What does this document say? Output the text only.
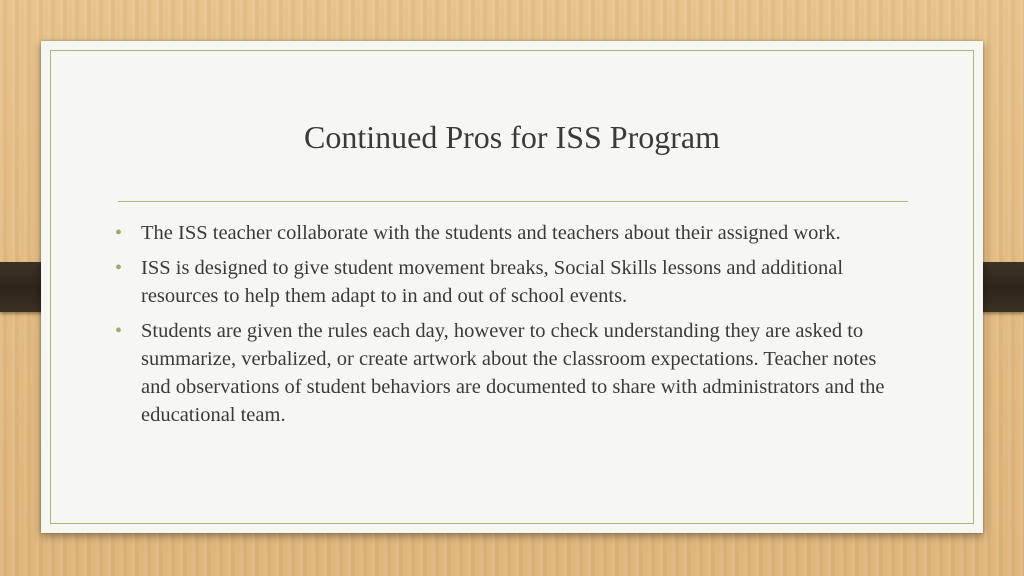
Continued Pros for ISS Program
• The ISS teacher collaborate with the students and teachers about their assigned work.
• ISS is designed to give student movement breaks, Social Skills lessons and additional resources to help them adapt to in and out of school events.
• Students are given the rules each day, however to check understanding they are asked to summarize, verbalized, or create artwork about the classroom expectations. Teacher notes and observations of student behaviors are documented to share with administrators and the educational team.
